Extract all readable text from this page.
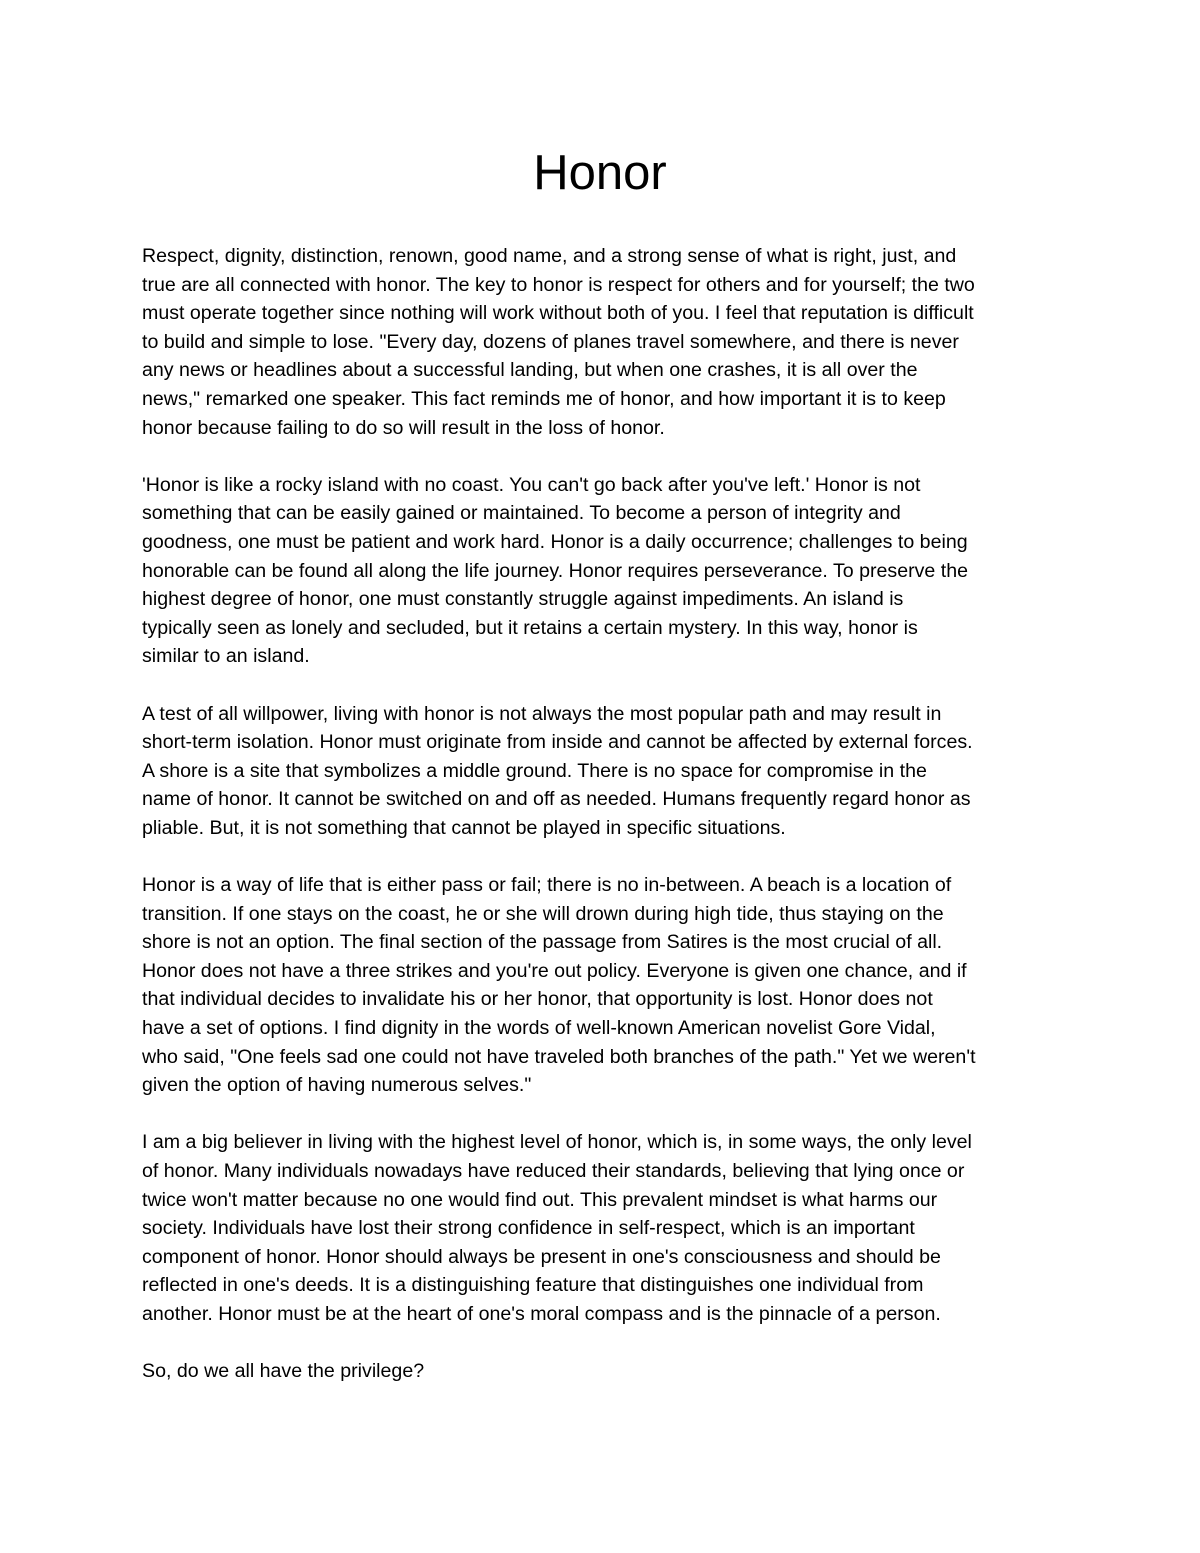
Honor

Respect, dignity, distinction, renown, good name, and a strong sense of what is right, just, and
true are all connected with honor. The key to honor is respect for others and for yourself; the two
must operate together since nothing will work without both of you. I feel that reputation is difficult
to build and simple to lose. "Every day, dozens of planes travel somewhere, and there is never
any news or headlines about a successful landing, but when one crashes, it is all over the
news," remarked one speaker. This fact reminds me of honor, and how important it is to keep
honor because failing to do so will result in the loss of honor.

'Honor is like a rocky island with no coast. You can't go back after you've left.' Honor is not
something that can be easily gained or maintained. To become a person of integrity and
goodness, one must be patient and work hard. Honor is a daily occurrence; challenges to being
honorable can be found all along the life journey. Honor requires perseverance. To preserve the
highest degree of honor, one must constantly struggle against impediments. An island is
typically seen as lonely and secluded, but it retains a certain mystery. In this way, honor is
similar to an island.

A test of all willpower, living with honor is not always the most popular path and may result in
short-term isolation. Honor must originate from inside and cannot be affected by external forces.
A shore is a site that symbolizes a middle ground. There is no space for compromise in the
name of honor. It cannot be switched on and off as needed. Humans frequently regard honor as
pliable. But, it is not something that cannot be played in specific situations.

Honor is a way of life that is either pass or fail; there is no in-between. A beach is a location of
transition. If one stays on the coast, he or she will drown during high tide, thus staying on the
shore is not an option. The final section of the passage from Satires is the most crucial of all.
Honor does not have a three strikes and you're out policy. Everyone is given one chance, and if
that individual decides to invalidate his or her honor, that opportunity is lost. Honor does not
have a set of options. I find dignity in the words of well-known American novelist Gore Vidal,
who said, "One feels sad one could not have traveled both branches of the path." Yet we weren't
given the option of having numerous selves."

I am a big believer in living with the highest level of honor, which is, in some ways, the only level
of honor. Many individuals nowadays have reduced their standards, believing that lying once or
twice won't matter because no one would find out. This prevalent mindset is what harms our
society. Individuals have lost their strong confidence in self-respect, which is an important
component of honor. Honor should always be present in one's consciousness and should be
reflected in one's deeds. It is a distinguishing feature that distinguishes one individual from
another. Honor must be at the heart of one's moral compass and is the pinnacle of a person.

So, do we all have the privilege?
